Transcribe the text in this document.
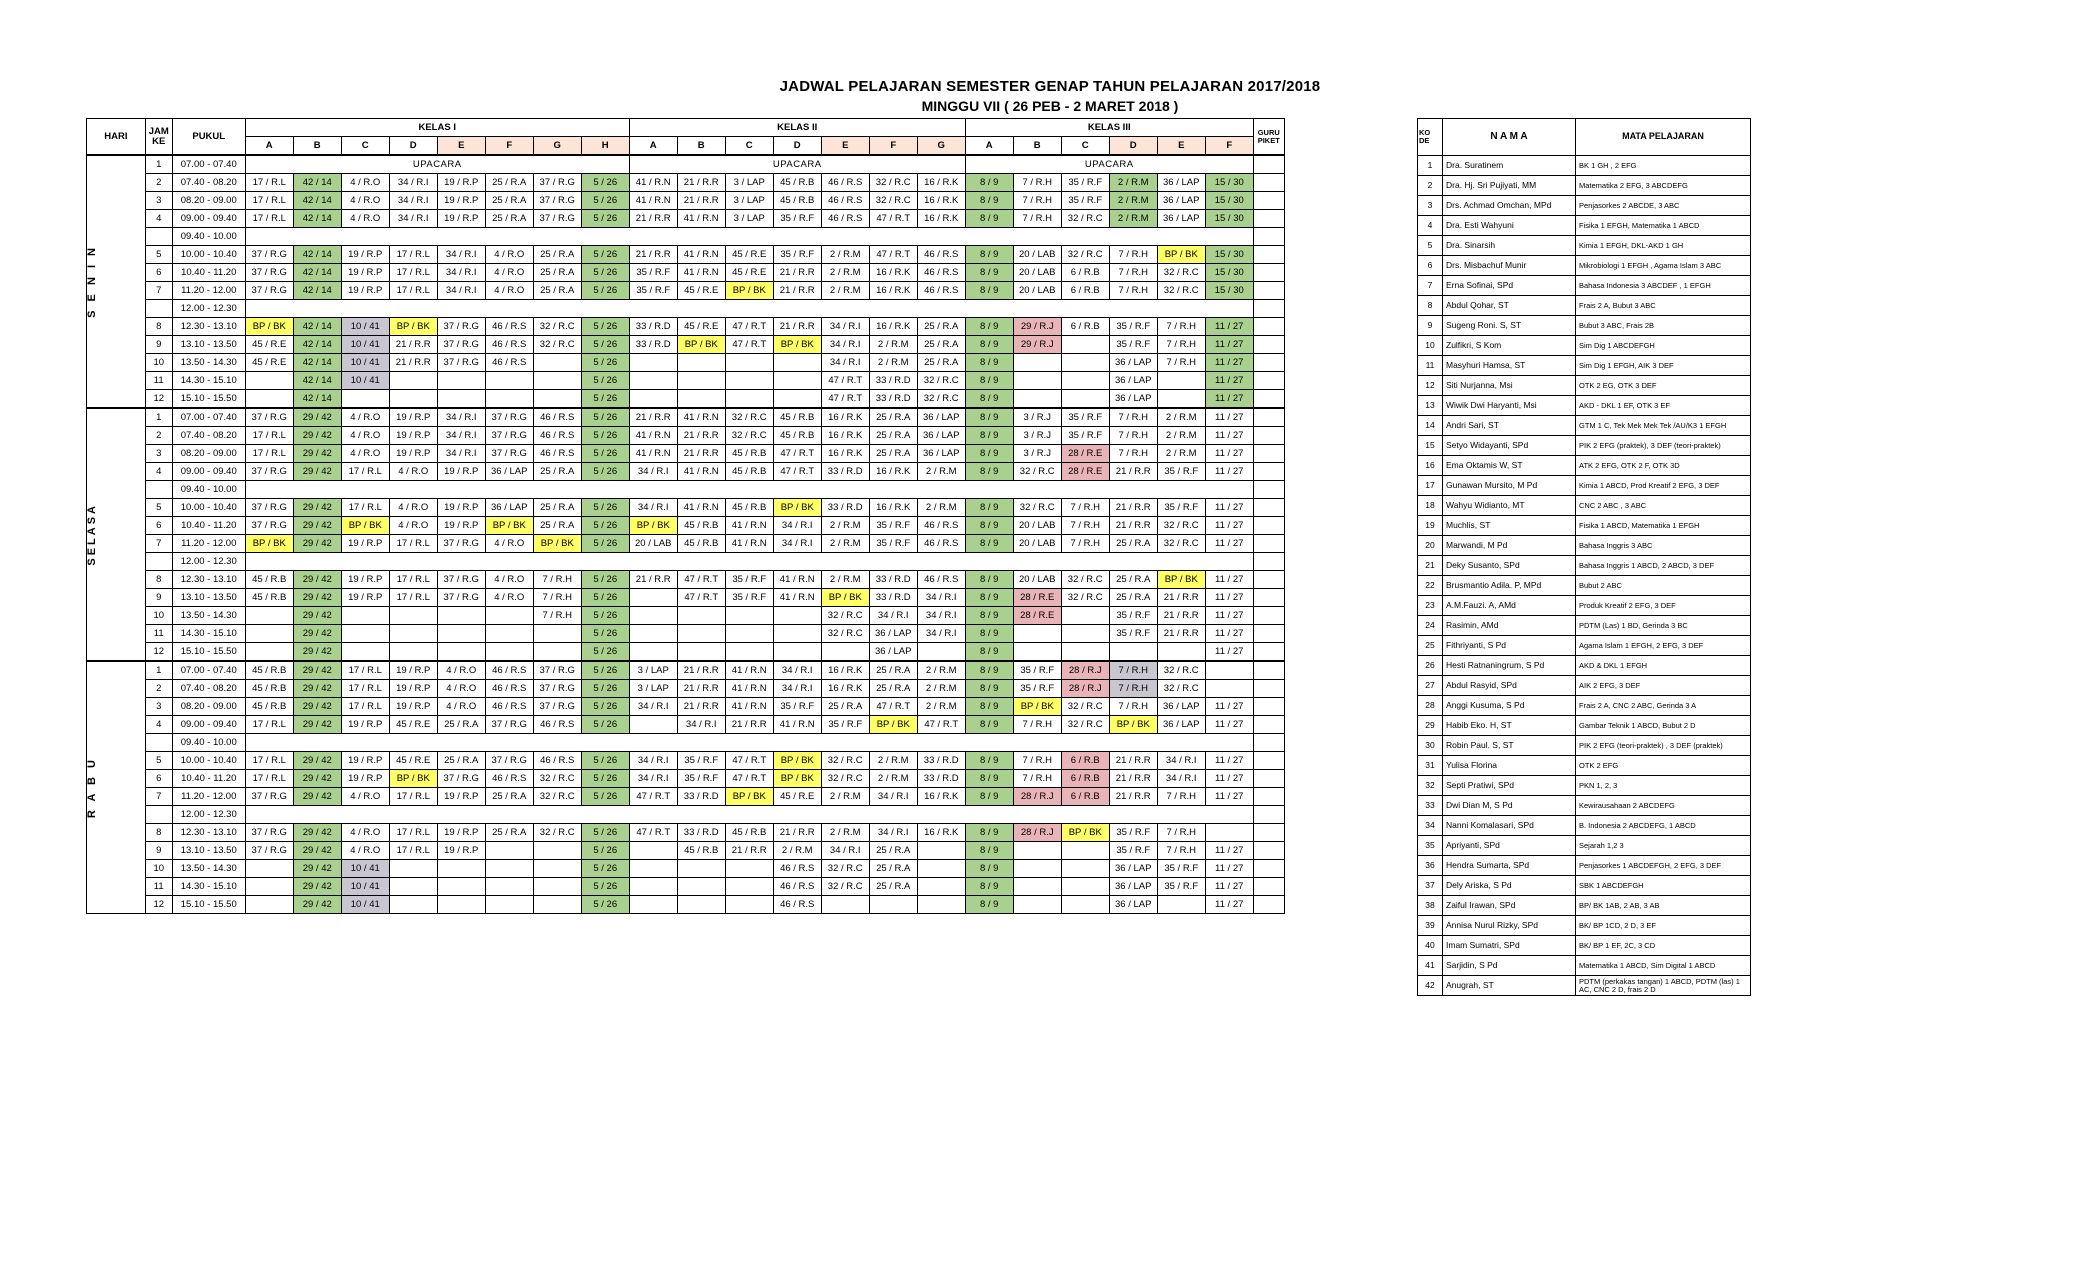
JADWAL PELAJARAN SEMESTER GENAP TAHUN PELAJARAN 2017/2018
MINGGU VII ( 26 PEB - 2 MARET 2018 )
HARI	JAM
KE	PUKUL	KELAS I								KELAS II							KELAS III						GURU
PIKET
			A	B	C	D	E	F	G	H	A	B	C	D	E	F	G	A	B	C	D	E	F	

S E N I N	1	07.00 - 07.40	UPACARA								UPACARA							UPACARA						
	2	07.40 - 08.20	17 / R.L	42 / 14	4 / R.O	34 / R.I	19 / R.P	25 / R.A	37 / R.G	5 / 26	41 / R.N	21 / R.R	3 / LAP	45 / R.B	46 / R.S	32 / R.C	16 / R.K	8 / 9	7 / R.H	35 / R.F	2 / R.M	36 / LAP	15 / 30	
	3	08.20 - 09.00	17 / R.L	42 / 14	4 / R.O	34 / R.I	19 / R.P	25 / R.A	37 / R.G	5 / 26	41 / R.N	21 / R.R	3 / LAP	45 / R.B	46 / R.S	32 / R.C	16 / R.K	8 / 9	7 / R.H	35 / R.F	2 / R.M	36 / LAP	15 / 30	
	4	09.00 - 09.40	17 / R.L	42 / 14	4 / R.O	34 / R.I	19 / R.P	25 / R.A	37 / R.G	5 / 26	21 / R.R	41 / R.N	3 / LAP	35 / R.F	46 / R.S	47 / R.T	16 / R.K	8 / 9	7 / R.H	32 / R.C	2 / R.M	36 / LAP	15 / 30	
		09.40 - 10.00																						
	5	10.00 - 10.40	37 / R.G	42 / 14	19 / R.P	17 / R.L	34 / R.I	4 / R.O	25 / R.A	5 / 26	21 / R.R	41 / R.N	45 / R.E	35 / R.F	2 / R.M	47 / R.T	46 / R.S	8 / 9	20 / LAB	32 / R.C	7 / R.H	BP / BK	15 / 30	
	6	10.40 - 11.20	37 / R.G	42 / 14	19 / R.P	17 / R.L	34 / R.I	4 / R.O	25 / R.A	5 / 26	35 / R.F	41 / R.N	45 / R.E	21 / R.R	2 / R.M	16 / R.K	46 / R.S	8 / 9	20 / LAB	6 / R.B	7 / R.H	32 / R.C	15 / 30	
	7	11.20 - 12.00	37 / R.G	42 / 14	19 / R.P	17 / R.L	34 / R.I	4 / R.O	25 / R.A	5 / 26	35 / R.F	45 / R.E	BP / BK	21 / R.R	2 / R.M	16 / R.K	46 / R.S	8 / 9	20 / LAB	6 / R.B	7 / R.H	32 / R.C	15 / 30	
		12.00 - 12.30																						
	8	12.30 - 13.10	BP / BK	42 / 14	10 / 41	BP / BK	37 / R.G	46 / R.S	32 / R.C	5 / 26	33 / R.D	45 / R.E	47 / R.T	21 / R.R	34 / R.I	16 / R.K	25 / R.A	8 / 9	29 / R.J	6 / R.B	35 / R.F	7 / R.H	11 / 27	
	9	13.10 - 13.50	45 / R.E	42 / 14	10 / 41	21 / R.R	37 / R.G	46 / R.S	32 / R.C	5 / 26	33 / R.D	BP / BK	47 / R.T	BP / BK	34 / R.I	2 / R.M	25 / R.A	8 / 9	29 / R.J		35 / R.F	7 / R.H	11 / 27	
	10	13.50 - 14.30	45 / R.E	42 / 14	10 / 41	21 / R.R	37 / R.G	46 / R.S		5 / 26					34 / R.I	2 / R.M	25 / R.A	8 / 9			36 / LAP	7 / R.H	11 / 27	
	11	14.30 - 15.10		42 / 14	10 / 41					5 / 26					47 / R.T	33 / R.D	32 / R.C	8 / 9			36 / LAP		11 / 27	
	12	15.10 - 15.50		42 / 14						5 / 26					47 / R.T	33 / R.D	32 / R.C	8 / 9			36 / LAP		11 / 27	

SELASA	1	07.00 - 07.40	37 / R.G	29 / 42	4 / R.O	19 / R.P	34 / R.I	37 / R.G	46 / R.S	5 / 26	21 / R.R	41 / R.N	32 / R.C	45 / R.B	16 / R.K	25 / R.A	36 / LAP	8 / 9	3 / R.J	35 / R.F	7 / R.H	2 / R.M	11 / 27	
	2	07.40 - 08.20	17 / R.L	29 / 42	4 / R.O	19 / R.P	34 / R.I	37 / R.G	46 / R.S	5 / 26	41 / R.N	21 / R.R	32 / R.C	45 / R.B	16 / R.K	25 / R.A	36 / LAP	8 / 9	3 / R.J	35 / R.F	7 / R.H	2 / R.M	11 / 27	
	3	08.20 - 09.00	17 / R.L	29 / 42	4 / R.O	19 / R.P	34 / R.I	37 / R.G	46 / R.S	5 / 26	41 / R.N	21 / R.R	45 / R.B	47 / R.T	16 / R.K	25 / R.A	36 / LAP	8 / 9	3 / R.J	28 / R.E	7 / R.H	2 / R.M	11 / 27	
	4	09.00 - 09.40	37 / R.G	29 / 42	17 / R.L	4 / R.O	19 / R.P	36 / LAP	25 / R.A	5 / 26	34 / R.I	41 / R.N	45 / R.B	47 / R.T	33 / R.D	16 / R.K	2 / R.M	8 / 9	32 / R.C	28 / R.E	21 / R.R	35 / R.F	11 / 27	
		09.40 - 10.00																						
	5	10.00 - 10.40	37 / R.G	29 / 42	17 / R.L	4 / R.O	19 / R.P	36 / LAP	25 / R.A	5 / 26	34 / R.I	41 / R.N	45 / R.B	BP / BK	33 / R.D	16 / R.K	2 / R.M	8 / 9	32 / R.C	7 / R.H	21 / R.R	35 / R.F	11 / 27	
	6	10.40 - 11.20	37 / R.G	29 / 42	BP / BK	4 / R.O	19 / R.P	BP / BK	25 / R.A	5 / 26	BP / BK	45 / R.B	41 / R.N	34 / R.I	2 / R.M	35 / R.F	46 / R.S	8 / 9	20 / LAB	7 / R.H	21 / R.R	32 / R.C	11 / 27	
	7	11.20 - 12.00	BP / BK	29 / 42	19 / R.P	17 / R.L	37 / R.G	4 / R.O	BP / BK	5 / 26	20 / LAB	45 / R.B	41 / R.N	34 / R.I	2 / R.M	35 / R.F	46 / R.S	8 / 9	20 / LAB	7 / R.H	25 / R.A	32 / R.C	11 / 27	
		12.00 - 12.30																						
	8	12.30 - 13.10	45 / R.B	29 / 42	19 / R.P	17 / R.L	37 / R.G	4 / R.O	7 / R.H	5 / 26	21 / R.R	47 / R.T	35 / R.F	41 / R.N	2 / R.M	33 / R.D	46 / R.S	8 / 9	20 / LAB	32 / R.C	25 / R.A	BP / BK	11 / 27	
	9	13.10 - 13.50	45 / R.B	29 / 42	19 / R.P	17 / R.L	37 / R.G	4 / R.O	7 / R.H	5 / 26		47 / R.T	35 / R.F	41 / R.N	BP / BK	33 / R.D	34 / R.I	8 / 9	28 / R.E	32 / R.C	25 / R.A	21 / R.R	11 / 27	
	10	13.50 - 14.30		29 / 42					7 / R.H	5 / 26					32 / R.C	34 / R.I	34 / R.I	8 / 9	28 / R.E		35 / R.F	21 / R.R	11 / 27	
	11	14.30 - 15.10		29 / 42						5 / 26					32 / R.C	36 / LAP	34 / R.I	8 / 9			35 / R.F	21 / R.R	11 / 27	
	12	15.10 - 15.50		29 / 42						5 / 26						36 / LAP		8 / 9					11 / 27	

R A B U	1	07.00 - 07.40	45 / R.B	29 / 42	17 / R.L	19 / R.P	4 / R.O	46 / R.S	37 / R.G	5 / 26	3 / LAP	21 / R.R	41 / R.N	34 / R.I	16 / R.K	25 / R.A	2 / R.M	8 / 9	35 / R.F	28 / R.J	7 / R.H	32 / R.C		
	2	07.40 - 08.20	45 / R.B	29 / 42	17 / R.L	19 / R.P	4 / R.O	46 / R.S	37 / R.G	5 / 26	3 / LAP	21 / R.R	41 / R.N	34 / R.I	16 / R.K	25 / R.A	2 / R.M	8 / 9	35 / R.F	28 / R.J	7 / R.H	32 / R.C		
	3	08.20 - 09.00	45 / R.B	29 / 42	17 / R.L	19 / R.P	4 / R.O	46 / R.S	37 / R.G	5 / 26	34 / R.I	21 / R.R	41 / R.N	35 / R.F	25 / R.A	47 / R.T	2 / R.M	8 / 9	BP / BK	32 / R.C	7 / R.H	36 / LAP	11 / 27	
	4	09.00 - 09.40	17 / R.L	29 / 42	19 / R.P	45 / R.E	25 / R.A	37 / R.G	46 / R.S	5 / 26		34 / R.I	21 / R.R	41 / R.N	35 / R.F	BP / BK	47 / R.T	8 / 9	7 / R.H	32 / R.C	BP / BK	36 / LAP	11 / 27	
		09.40 - 10.00																						
	5	10.00 - 10.40	17 / R.L	29 / 42	19 / R.P	45 / R.E	25 / R.A	37 / R.G	46 / R.S	5 / 26	34 / R.I	35 / R.F	47 / R.T	BP / BK	32 / R.C	2 / R.M	33 / R.D	8 / 9	7 / R.H	6 / R.B	21 / R.R	34 / R.I	11 / 27	
	6	10.40 - 11.20	17 / R.L	29 / 42	19 / R.P	BP / BK	37 / R.G	46 / R.S	32 / R.C	5 / 26	34 / R.I	35 / R.F	47 / R.T	BP / BK	32 / R.C	2 / R.M	33 / R.D	8 / 9	7 / R.H	6 / R.B	21 / R.R	34 / R.I	11 / 27	
	7	11.20 - 12.00	37 / R.G	29 / 42	4 / R.O	17 / R.L	19 / R.P	25 / R.A	32 / R.C	5 / 26	47 / R.T	33 / R.D	BP / BK	45 / R.E	2 / R.M	34 / R.I	16 / R.K	8 / 9	28 / R.J	6 / R.B	21 / R.R	7 / R.H	11 / 27	
		12.00 - 12.30																						
	8	12.30 - 13.10	37 / R.G	29 / 42	4 / R.O	17 / R.L	19 / R.P	25 / R.A	32 / R.C	5 / 26	47 / R.T	33 / R.D	45 / R.B	21 / R.R	2 / R.M	34 / R.I	16 / R.K	8 / 9	28 / R.J	BP / BK	35 / R.F	7 / R.H		
	9	13.10 - 13.50	37 / R.G	29 / 42	4 / R.O	17 / R.L	19 / R.P			5 / 26		45 / R.B	21 / R.R	2 / R.M	34 / R.I	25 / R.A		8 / 9			35 / R.F	7 / R.H	11 / 27	
	10	13.50 - 14.30		29 / 42	10 / 41					5 / 26				46 / R.S	32 / R.C	25 / R.A		8 / 9			36 / LAP	35 / R.F	11 / 27	
	11	14.30 - 15.10		29 / 42	10 / 41					5 / 26				46 / R.S	32 / R.C	25 / R.A		8 / 9			36 / LAP	35 / R.F	11 / 27	
	12	15.10 - 15.50		29 / 42	10 / 41					5 / 26				46 / R.S				8 / 9			36 / LAP		11 / 27	
KO
DE	N A M A	MATA PELAJARAN
1	Dra. Suratinem	BK 1 GH , 2 EFG
2	Dra. Hj. Sri Pujiyati, MM	Matematika 2 EFG, 3 ABCDEFG
3	Drs. Achmad Omchan, MPd	Penjasorkes 2 ABCDE, 3 ABC
4	Dra. Esti Wahyuni	Fisika 1 EFGH, Matematika 1 ABCD
5	Dra. Sinarsih	Kimia 1 EFGH, DKL-AKD 1 GH
6	Drs. Misbachuf Munir	Mikrobiologi 1 EFGH , Agama Islam 3 ABC
7	Erna Sofinai, SPd	Bahasa Indonesia 3 ABCDEF , 1 EFGH
8	Abdul Qohar, ST	Frais 2 A, Bubut 3 ABC
9	Sugeng Roni. S, ST	Bubut 3 ABC, Frais 2B
10	Zulfikri, S Kom	Sim Dig 1 ABCDEFGH
11	Masyhuri Hamsa, ST	Sim Dig 1 EFGH, AIK 3 DEF
12	Siti Nurjanna, Msi	OTK 2 EG, OTK 3 DEF
13	Wiwik Dwi Haryanti, Msi	AKD - DKL 1 EF, OTK 3 EF
14	Andri Sari, ST	GTM 1 C, Tek Mek Mek Tek /AU/K3 1 EFGH
15	Setyo Widayanti, SPd	PIK 2 EFG (praktek), 3 DEF (teori-praktek)
16	Ema Oktamis W, ST	ATK 2 EFG, OTK 2 F, OTK 3D
17	Gunawan Mursito, M Pd	Kimia 1 ABCD, Prod Kreatif 2 EFG, 3 DEF
18	Wahyu Widianto, MT	CNC 2 ABC , 3 ABC
19	Muchlis, ST	Fisika 1 ABCD, Matematika 1 EFGH
20	Marwandi, M Pd	Bahasa Inggris 3 ABC
21	Deky Susanto, SPd	Bahasa Inggris 1 ABCD, 2 ABCD, 3 DEF
22	Brusmantio Adila. P, MPd	Bubut 2 ABC
23	A.M.Fauzi. A, AMd	Produk Kreatif 2 EFG, 3 DEF
24	Rasimin, AMd	PDTM (Las) 1 BD, Gerinda 3 BC
25	Fithriyanti, S Pd	Agama Islam 1 EFGH, 2 EFG, 3 DEF
26	Hesti Ratnaningrum, S Pd	AKD & DKL 1 EFGH
27	Abdul Rasyid, SPd	AIK 2 EFG, 3 DEF
28	Anggi Kusuma, S Pd	Frais 2 A, CNC 2 ABC, Gerinda 3 A
29	Habib Eko. H, ST	Gambar Teknik 1 ABCD, Bubut 2 D
30	Robin Paul. S, ST	PIK 2 EFG (teori-praktek) , 3 DEF (praktek)
31	Yulisa Florina	OTK 2 EFG
32	Septi Pratiwi, SPd	PKN 1, 2, 3
33	Dwi Dian M, S Pd	Kewirausahaan 2 ABCDEFG
34	Nanni Komalasari, SPd	B. Indonesia 2 ABCDEFG, 1 ABCD
35	Apriyanti, SPd	Sejarah 1,2 3
36	Hendra Sumarta, SPd	Penjasorkes 1 ABCDEFGH, 2 EFG, 3 DEF
37	Dely Ariska, S Pd	SBK 1 ABCDEFGH
38	Zaiful Irawan, SPd	BP/ BK 1AB, 2 AB, 3 AB
39	Annisa Nurul Rizky, SPd	BK/ BP 1CD, 2 D, 3 EF
40	Imam Sumatri, SPd	BK/ BP 1 EF, 2C, 3 CD
41	Sarjidin, S Pd	Matematika 1 ABCD, Sim Digital 1 ABCD
42	Anugrah, ST	PDTM (perkakas tangan) 1 ABCD, PDTM (las) 1 AC, CNC 2 D, frais 2 D
